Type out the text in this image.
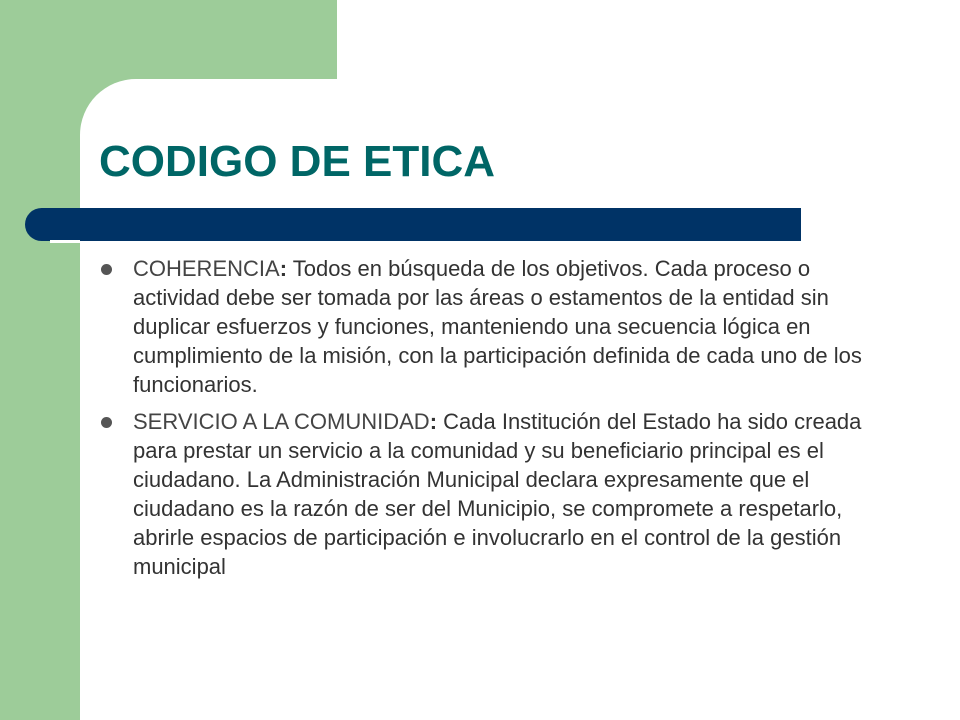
CODIGO DE ETICA
COHERENCIA: Todos en búsqueda de los objetivos. Cada proceso o actividad debe ser tomada por las áreas o estamentos de la entidad sin duplicar esfuerzos y funciones, manteniendo una secuencia lógica en cumplimiento de la misión, con la participación definida de cada uno de los funcionarios.
SERVICIO A LA COMUNIDAD: Cada Institución del Estado ha sido creada para prestar un servicio a la comunidad y su beneficiario principal es el ciudadano. La Administración Municipal declara expresamente que el ciudadano es la razón de ser del Municipio, se compromete a respetarlo, abrirle espacios de participación e involucrarlo en el control de la gestión municipal
